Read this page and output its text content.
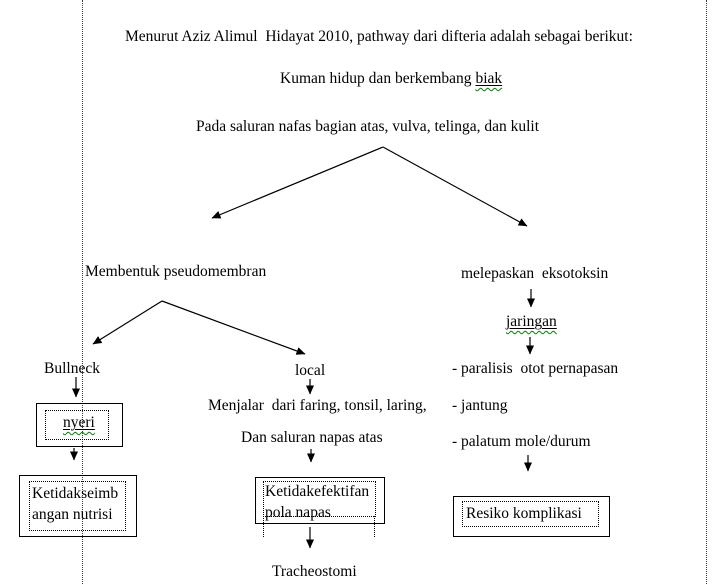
Menurut Aziz Alimul  Hidayat 2010, pathway dari difteria adalah sebagai berikut:
Kuman hidup dan berkembang biak
Pada saluran nafas bagian atas, vulva, telinga, dan kulit
Membentuk pseudomembran	melepaskan  eksotoksin
jaringan
- paralisis  otot pernapasan
- jantung
- palatum mole/durum
Resiko komplikasi
Bullneck
nyeri
Ketidakseimb
angan nutrisi
local
Menjalar  dari faring, tonsil, laring,
Dan saluran napas atas
Ketidakefektifan
pola napas
Tracheostomi
